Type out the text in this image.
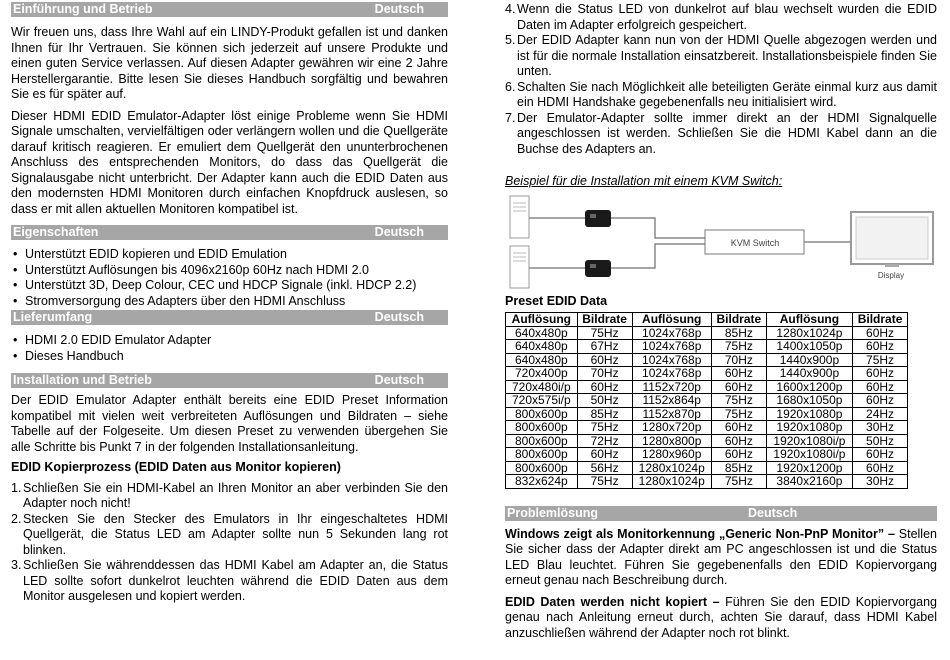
Einführung und Betrieb	Deutsch

Wir freuen uns, dass Ihre Wahl auf ein LINDY-Produkt gefallen ist und danken Ihnen für Ihr Vertrauen. Sie können sich jederzeit auf unsere Produkte und einen guten Service verlassen. Auf diesen Adapter gewähren wir eine 2 Jahre Herstellergarantie. Bitte lesen Sie dieses Handbuch sorgfältig und bewahren Sie es für später auf.

Dieser HDMI EDID Emulator-Adapter löst einige Probleme wenn Sie HDMI Signale umschalten, vervielfältigen oder verlängern wollen und die Quellgeräte darauf kritisch reagieren. Er emuliert dem Quellgerät den ununterbrochenen Anschluss des entsprechenden Monitors, do dass das Quellgerät die Signalausgabe nicht unterbricht. Der Adapter kann auch die EDID Daten aus den modernsten HDMI Monitoren durch einfachen Knopfdruck auslesen, so dass er mit allen aktuellen Monitoren kompatibel ist.

Eigenschaften	Deutsch
• Unterstützt EDID kopieren und EDID Emulation
• Unterstützt Auflösungen bis 4096x2160p 60Hz nach HDMI 2.0
• Unterstützt 3D, Deep Colour, CEC und HDCP Signale (inkl. HDCP 2.2)
• Stromversorgung des Adapters über den HDMI Anschluss
Lieferumfang	Deutsch
• HDMI 2.0 EDID Emulator Adapter
• Dieses Handbuch
Installation und Betrieb	Deutsch

Der EDID Emulator Adapter enthält bereits eine EDID Preset Information kompatibel mit vielen weit verbreiteten Auflösungen und Bildraten – siehe Tabelle auf der Folgeseite. Um diesen Preset zu verwenden übergehen Sie alle Schritte bis Punkt 7 in der folgenden Installationsanleitung.

EDID Kopierprozess (EDID Daten aus Monitor kopieren)

1. Schließen Sie ein HDMI-Kabel an Ihren Monitor an aber verbinden Sie den Adapter noch nicht!
2. Stecken Sie den Stecker des Emulators in Ihr eingeschaltetes HDMI Quellgerät, die Status LED am Adapter sollte nun 5 Sekunden lang rot blinken.
3. Schließen Sie währenddessen das HDMI Kabel am Adapter an, die Status LED sollte sofort dunkelrot leuchten während die EDID Daten aus dem Monitor ausgelesen und kopiert werden.
4. Wenn die Status LED von dunkelrot auf blau wechselt wurden die EDID Daten im Adapter erfolgreich gespeichert.
5. Der EDID Adapter kann nun von der HDMI Quelle abgezogen werden und ist für die normale Installation einsatzbereit. Installationsbeispiele finden Sie unten.
6. Schalten Sie nach Möglichkeit alle beteiligten Geräte einmal kurz aus damit ein HDMI Handshake gegebenenfalls neu initialisiert wird.
7. Der Emulator-Adapter sollte immer direkt an der HDMI Signalquelle angeschlossen ist werden. Schließen Sie die HDMI Kabel dann an die Buchse des Adapters an.

Beispiel für die Installation mit einem KVM Switch:

KVM Switch
Display

Preset EDID Data

Auflösung	Bildrate	Auflösung	Bildrate	Auflösung	Bildrate
640x480p	75Hz	1024x768p	85Hz	1280x1024p	60Hz
640x480p	67Hz	1024x768p	75Hz	1400x1050p	60Hz
640x480p	60Hz	1024x768p	70Hz	1440x900p	75Hz
720x400p	70Hz	1024x768p	60Hz	1440x900p	60Hz
720x480i/p	60Hz	1152x720p	60Hz	1600x1200p	60Hz
720x575i/p	50Hz	1152x864p	75Hz	1680x1050p	60Hz
800x600p	85Hz	1152x870p	75Hz	1920x1080p	24Hz
800x600p	75Hz	1280x720p	60Hz	1920x1080p	30Hz
800x600p	72Hz	1280x800p	60Hz	1920x1080i/p	50Hz
800x600p	60Hz	1280x960p	60Hz	1920x1080i/p	60Hz
800x600p	56Hz	1280x1024p	85Hz	1920x1200p	60Hz
832x624p	75Hz	1280x1024p	75Hz	3840x2160p	30Hz
Problemlösung	Deutsch

Windows zeigt als Monitorkennung „Generic Non-PnP Monitor” – Stellen Sie sicher dass der Adapter direkt am PC angeschlossen ist und die Status LED Blau leuchtet. Führen Sie gegebenenfalls den EDID Kopiervorgang erneut genau nach Beschreibung durch.

EDID Daten werden nicht kopiert – Führen Sie den EDID Kopiervorgang genau nach Anleitung erneut durch, achten Sie darauf, dass HDMI Kabel anzuschließen während der Adapter noch rot blinkt.
